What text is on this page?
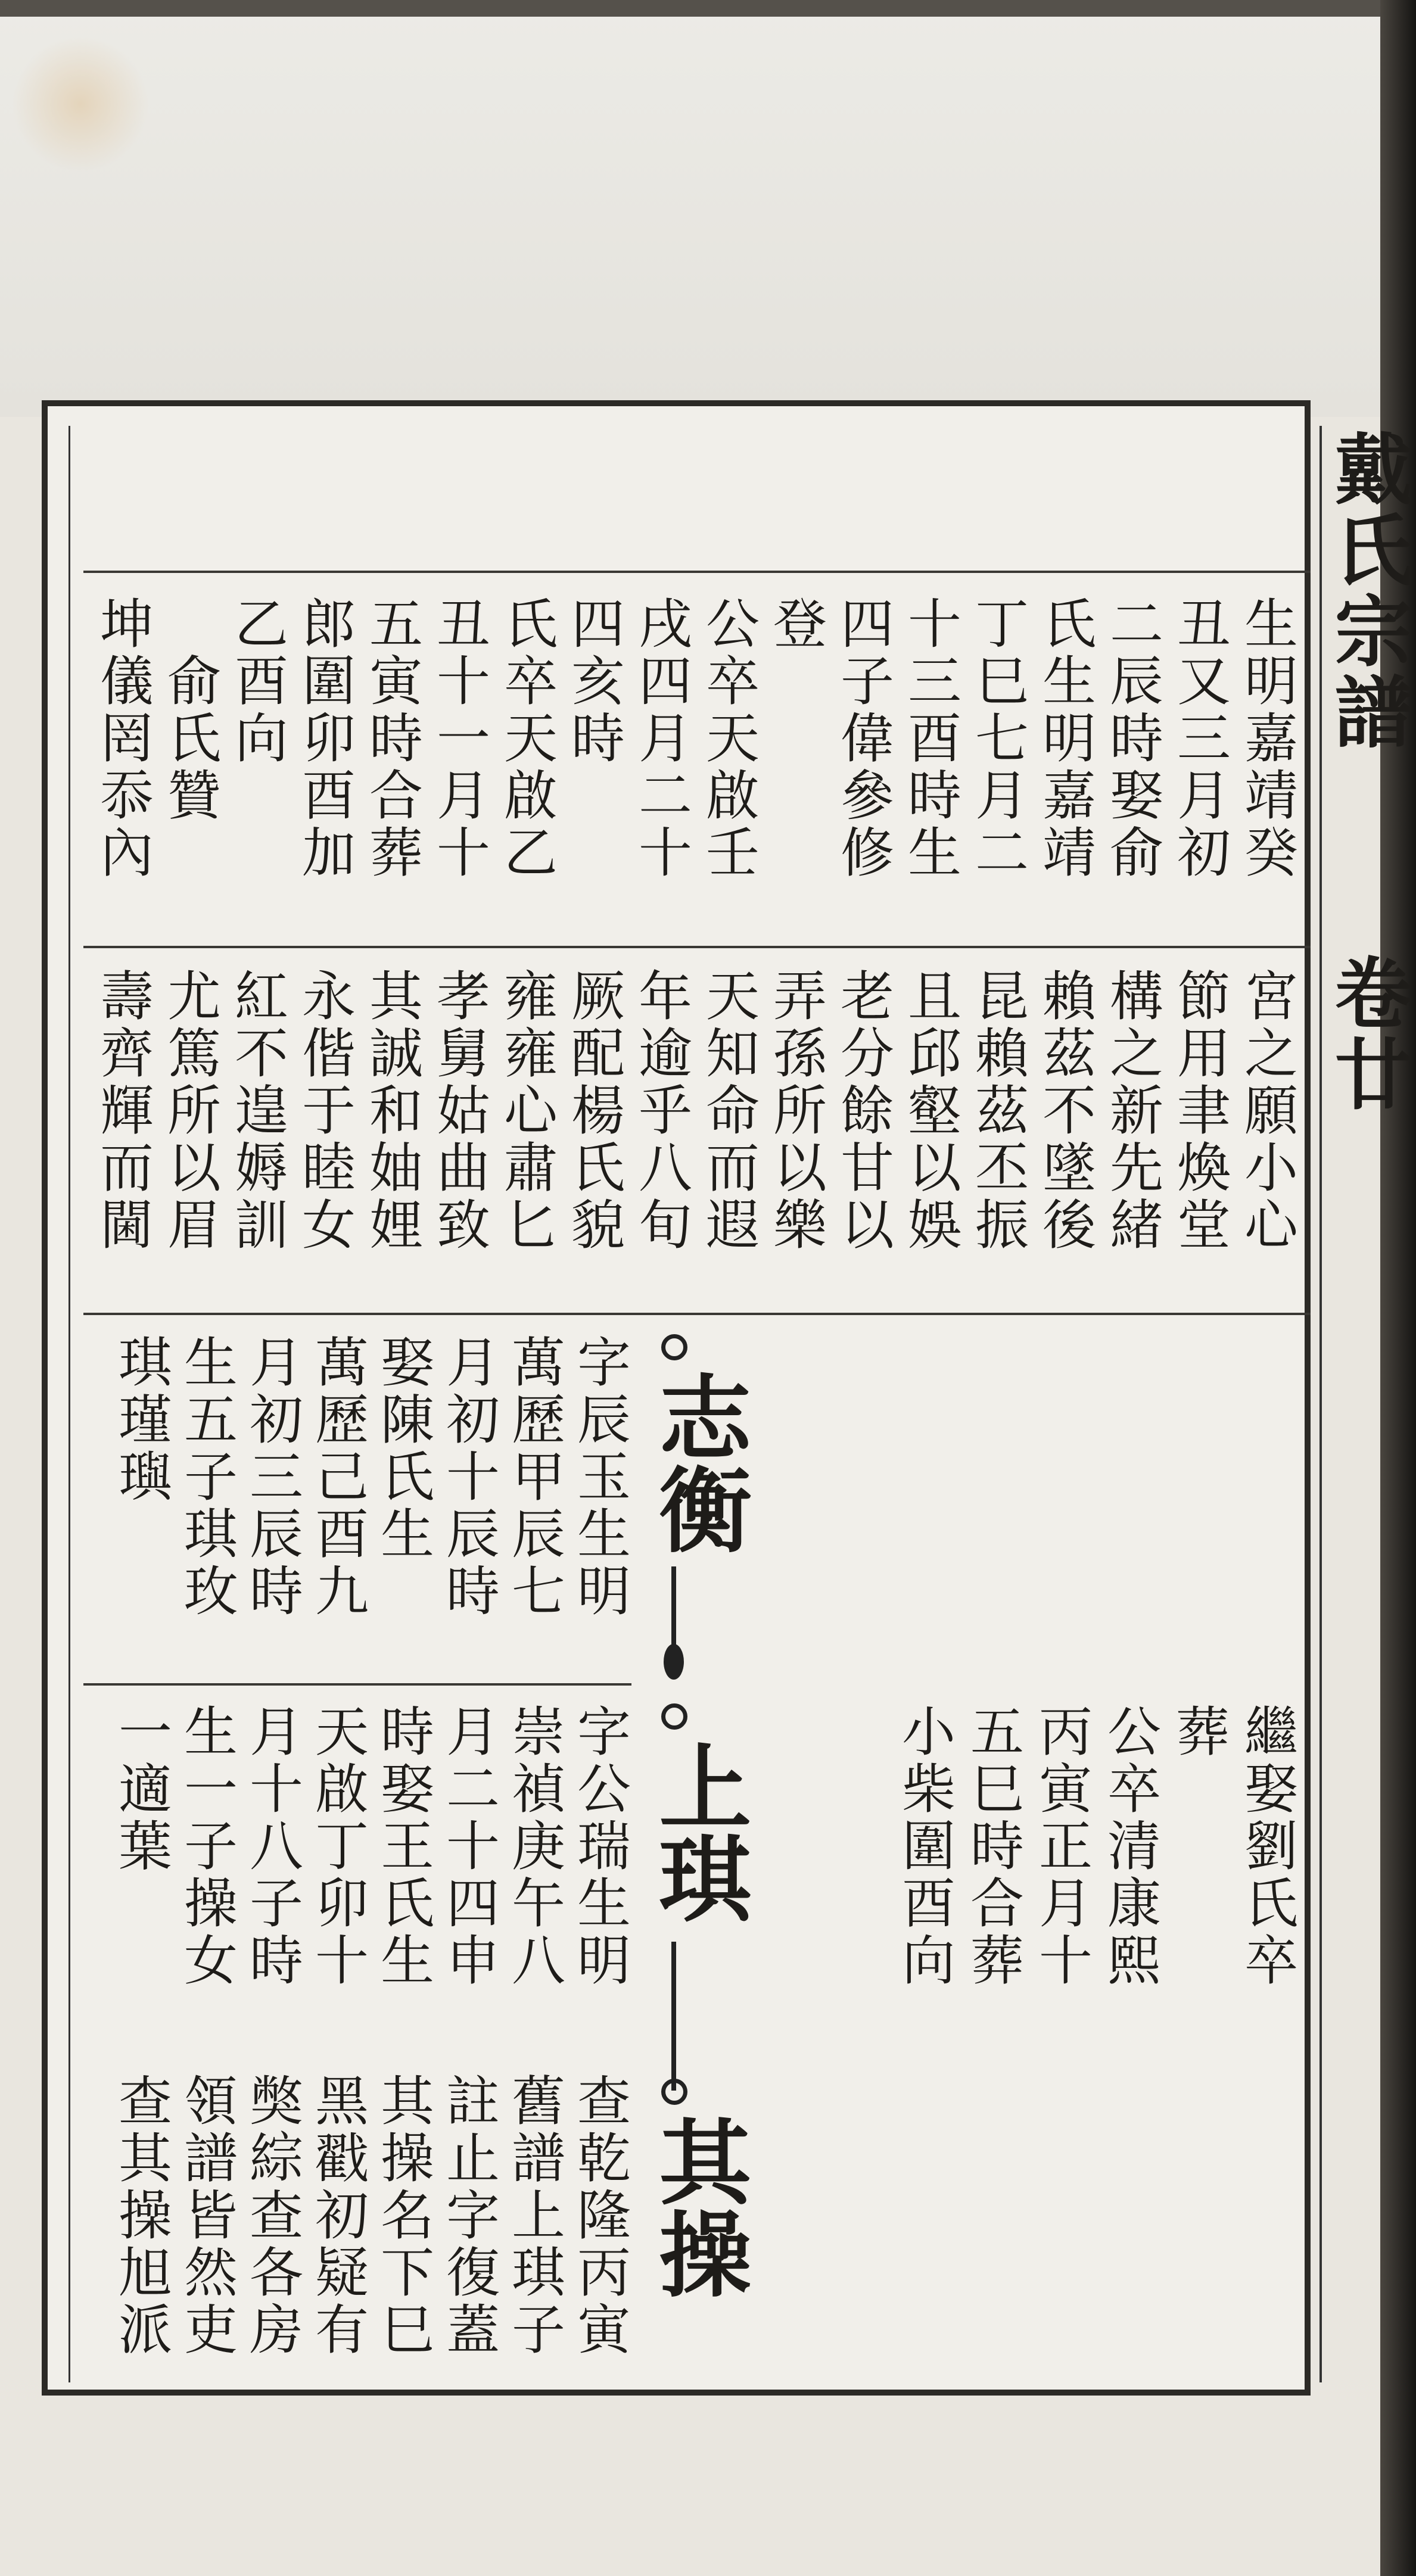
戴氏宗譜
卷廿
生明嘉靖癸
丑又三月初
二辰時娶俞
氏生明嘉靖
丁巳七月二
十三酉時生
四子偉參修
登
公卒天啟壬
戌四月二十
四亥時
氏卒天啟乙
丑十一月十
五寅時合葬
郎圍卯酉加
乙酉向
　俞氏贊
坤儀罔忝內
宮之願小心
節用聿煥堂
構之新先緒
賴茲不墜後
昆賴茲丕振
且邱壑以娛
老分餘甘以
弄孫所以樂
天知命而遐
年逾乎八旬
厥配楊氏貌
雍雍心肅匕
孝舅姑曲致
其誠和妯娌
永偕于睦女
紅不遑媷訓
尤篤所以眉
壽齊輝而閫
志衡
上琪
其操
字辰玉生明
萬歷甲辰七
月初十辰時
娶陳氏生
萬歷己酉九
月初三辰時
生五子琪玫
琪瑾璵
字公瑞生明
崇禎庚午八
月二十四申
時娶王氏生
天啟丁卯十
月十八子時
生一子操女
一適葉
查乾隆丙寅
舊譜上琪子
註止字復蓋
其操名下巳
黑戳初疑有
獘綜查各房
領譜皆然吏
查其操旭派
繼娶劉氏卒
葬
公卒清康熙
丙寅正月十
五巳時合葬
小柴圍酉向
